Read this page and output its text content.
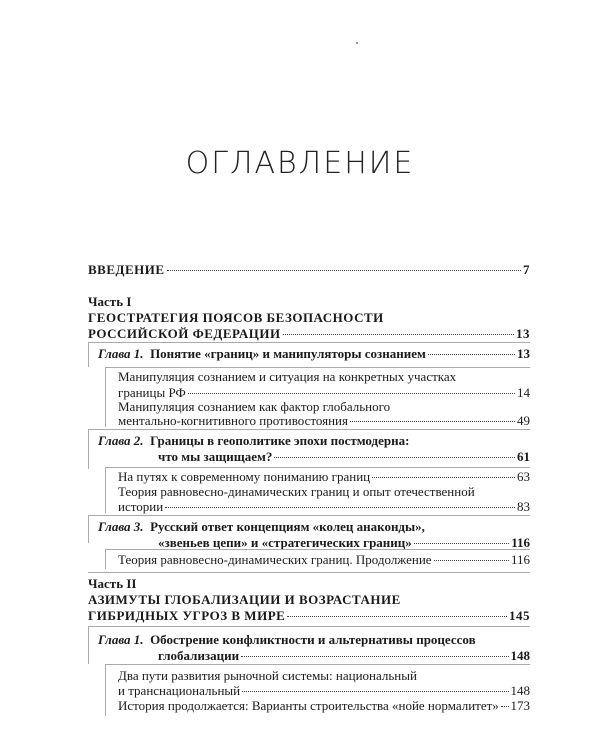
ОГЛАВЛЕНИЕ
ВВЕДЕНИЕ	7
Часть I
ГЕОСТРАТЕГИЯ ПОЯСОВ БЕЗОПАСНОСТИ
РОССИЙСКОЙ ФЕДЕРАЦИИ	13
Глава 1. Понятие «границ» и манипуляторы сознанием	13
Манипуляция сознанием и ситуация на конкретных участках
границы РФ	14
Манипуляция сознанием как фактор глобального
ментально-когнитивного противостояния	49
Глава 2. Границы в геополитике эпохи постмодерна:
что мы защищаем?	61
На путях к современному пониманию границ	63
Теория равновесно-динамических границ и опыт отечественной
истории	83
Глава 3. Русский ответ концепциям «колец анаконды»,
«звеньев цепи» и «стратегических границ»	116
Теория равновесно-динамических границ. Продолжение	116
Часть II
АЗИМУТЫ ГЛОБАЛИЗАЦИИ И ВОЗРАСТАНИЕ
ГИБРИДНЫХ УГРОЗ В МИРЕ	145
Глава 1. Обострение конфликтности и альтернативы процессов
глобализации	148
Два пути развития рыночной системы: национальный
и транснациональный	148
История продолжается: Варианты строительства «нойе нормалитет» 173
